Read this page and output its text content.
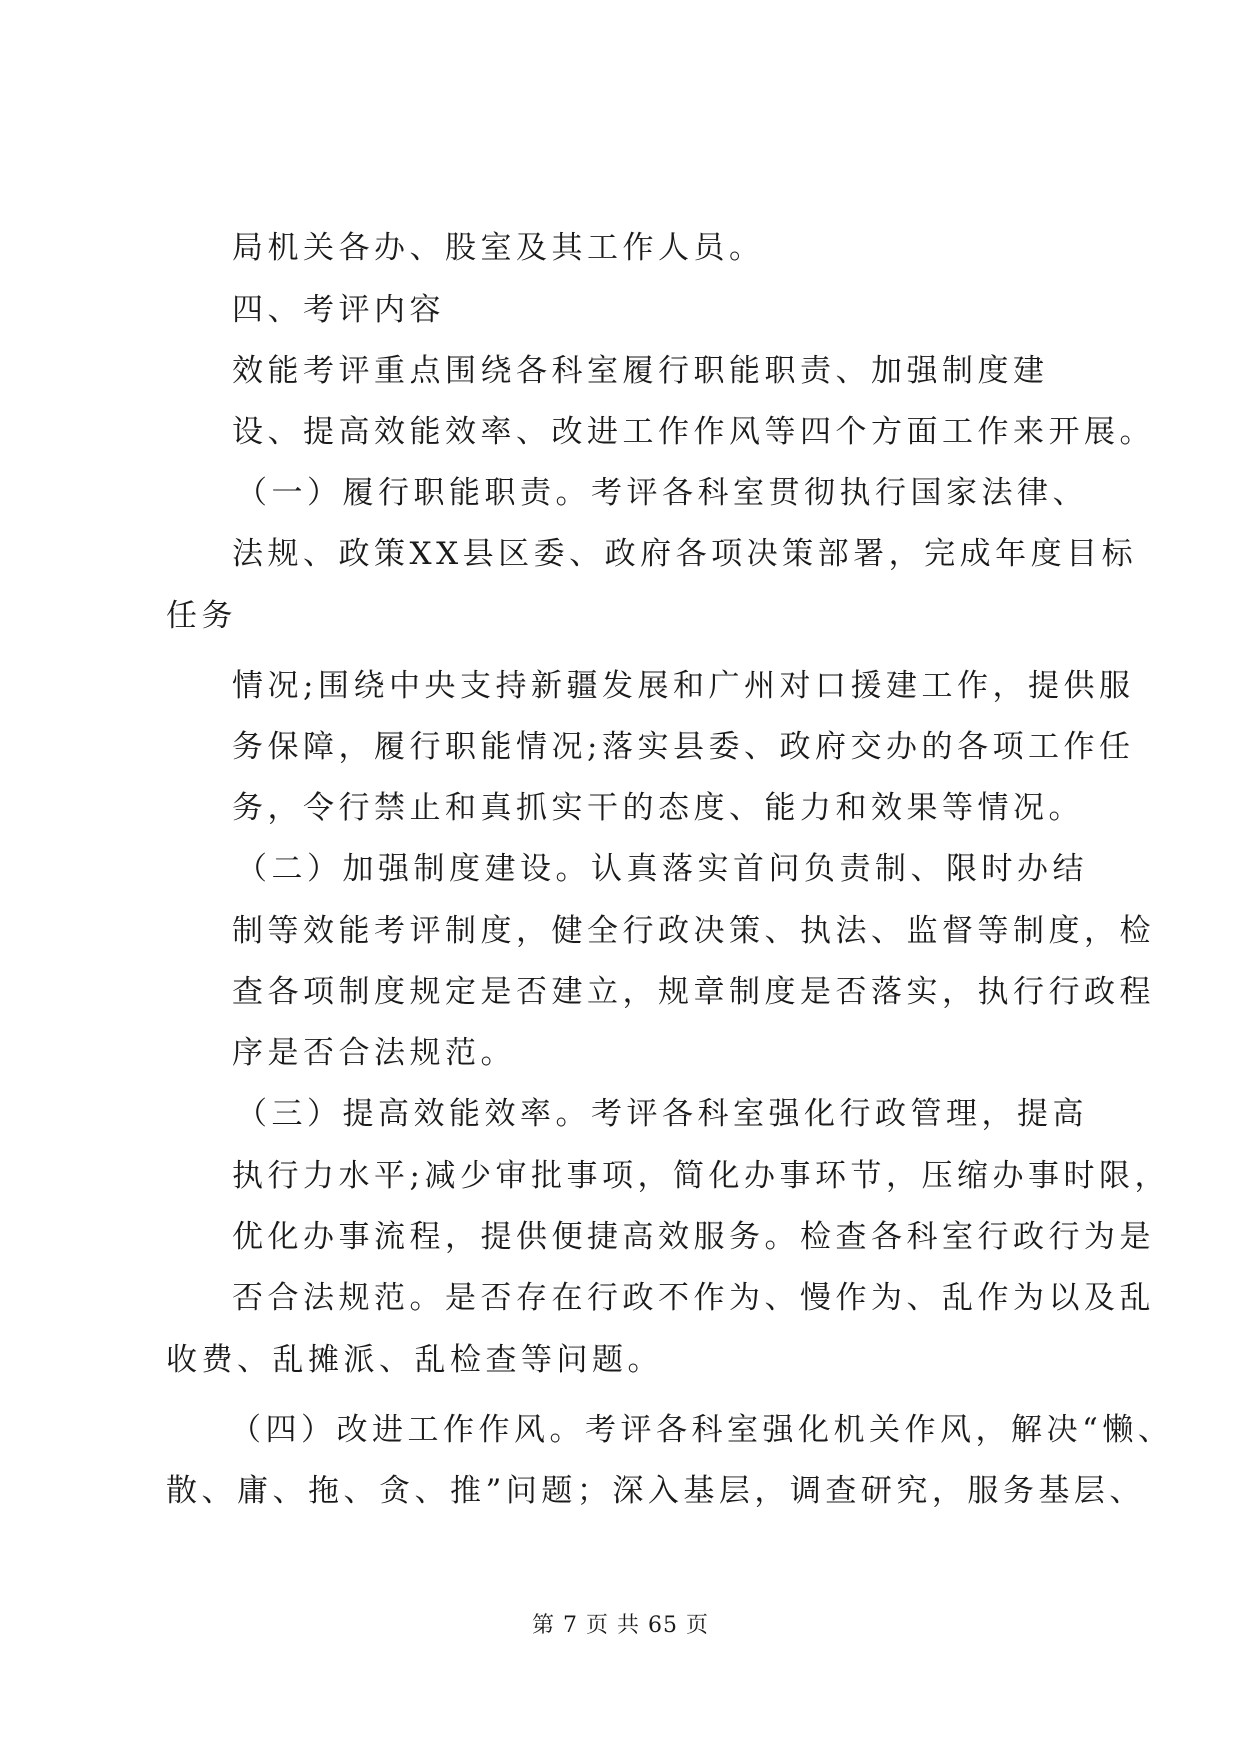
局机关各办、股室及其工作人员。
四、考评内容
效能考评重点围绕各科室履行职能职责、加强制度建
设、提高效能效率、改进工作作风等四个方面工作来开展。
（一）履行职能职责。考评各科室贯彻执行国家法律、
法规、政策XX县区委、政府各项决策部署，完成年度目标
任务
情况;围绕中央支持新疆发展和广州对口援建工作，提供服
务保障，履行职能情况;落实县委、政府交办的各项工作任
务，令行禁止和真抓实干的态度、能力和效果等情况。
（二）加强制度建设。认真落实首问负责制、限时办结
制等效能考评制度，健全行政决策、执法、监督等制度，检
查各项制度规定是否建立，规章制度是否落实，执行行政程
序是否合法规范。
（三）提高效能效率。考评各科室强化行政管理，提高
执行力水平;减少审批事项，简化办事环节，压缩办事时限，
优化办事流程，提供便捷高效服务。检查各科室行政行为是
否合法规范。是否存在行政不作为、慢作为、乱作为以及乱
收费、乱摊派、乱检查等问题。
（四）改进工作作风。考评各科室强化机关作风，解决“懒、
散、庸、拖、贪、推”问题；深入基层，调查研究，服务基层、
第 7 页 共 65 页
